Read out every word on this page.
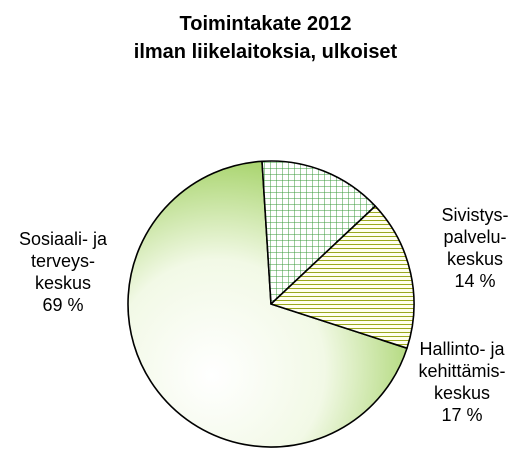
Toimintakate 2012
ilman liikelaitoksia, ulkoiset
Sosiaali- ja
terveys-
keskus
69 %
Sivistys-
palvelu-
keskus
14 %
Hallinto- ja
kehittämis-
keskus
17 %
